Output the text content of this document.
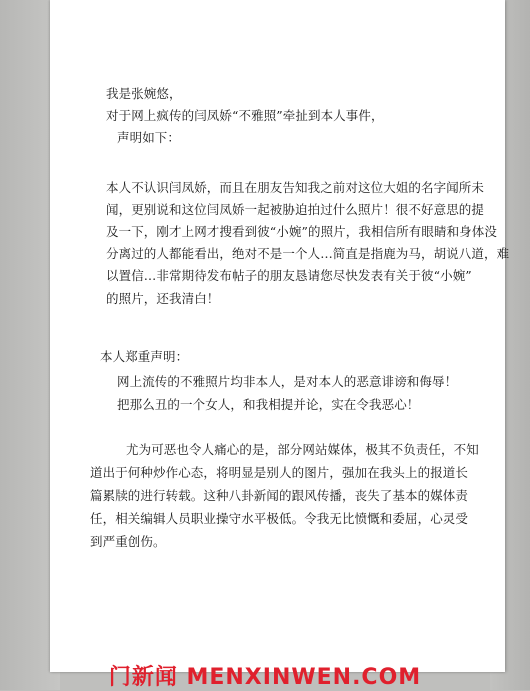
我是张婉悠，
对于网上疯传的闫凤娇“不雅照”牵扯到本人事件，
声明如下：
本人不认识闫凤娇，而且在朋友告知我之前对这位大姐的名字闻所未
闻，更别说和这位闫凤娇一起被胁迫拍过什么照片！很不好意思的提
及一下，刚才上网才搜看到彼“小婉”的照片，我相信所有眼睛和身体没
分离过的人都能看出，绝对不是一个人…简直是指鹿为马，胡说八道，难
以置信…非常期待发布帖子的朋友恳请您尽快发表有关于彼“小婉”
的照片，还我清白！
本人郑重声明：
网上流传的不雅照片均非本人，是对本人的恶意诽谤和侮辱！
把那么丑的一个女人，和我相提并论，实在令我恶心！
尤为可恶也令人痛心的是，部分网站媒体，极其不负责任，不知
道出于何种炒作心态，将明显是别人的图片，强加在我头上的报道长
篇累牍的进行转载。这种八卦新闻的跟风传播，丧失了基本的媒体责
任，相关编辑人员职业操守水平极低。令我无比愤慨和委屈，心灵受
到严重创伤。
门新闻 MENXINWEN.COM
